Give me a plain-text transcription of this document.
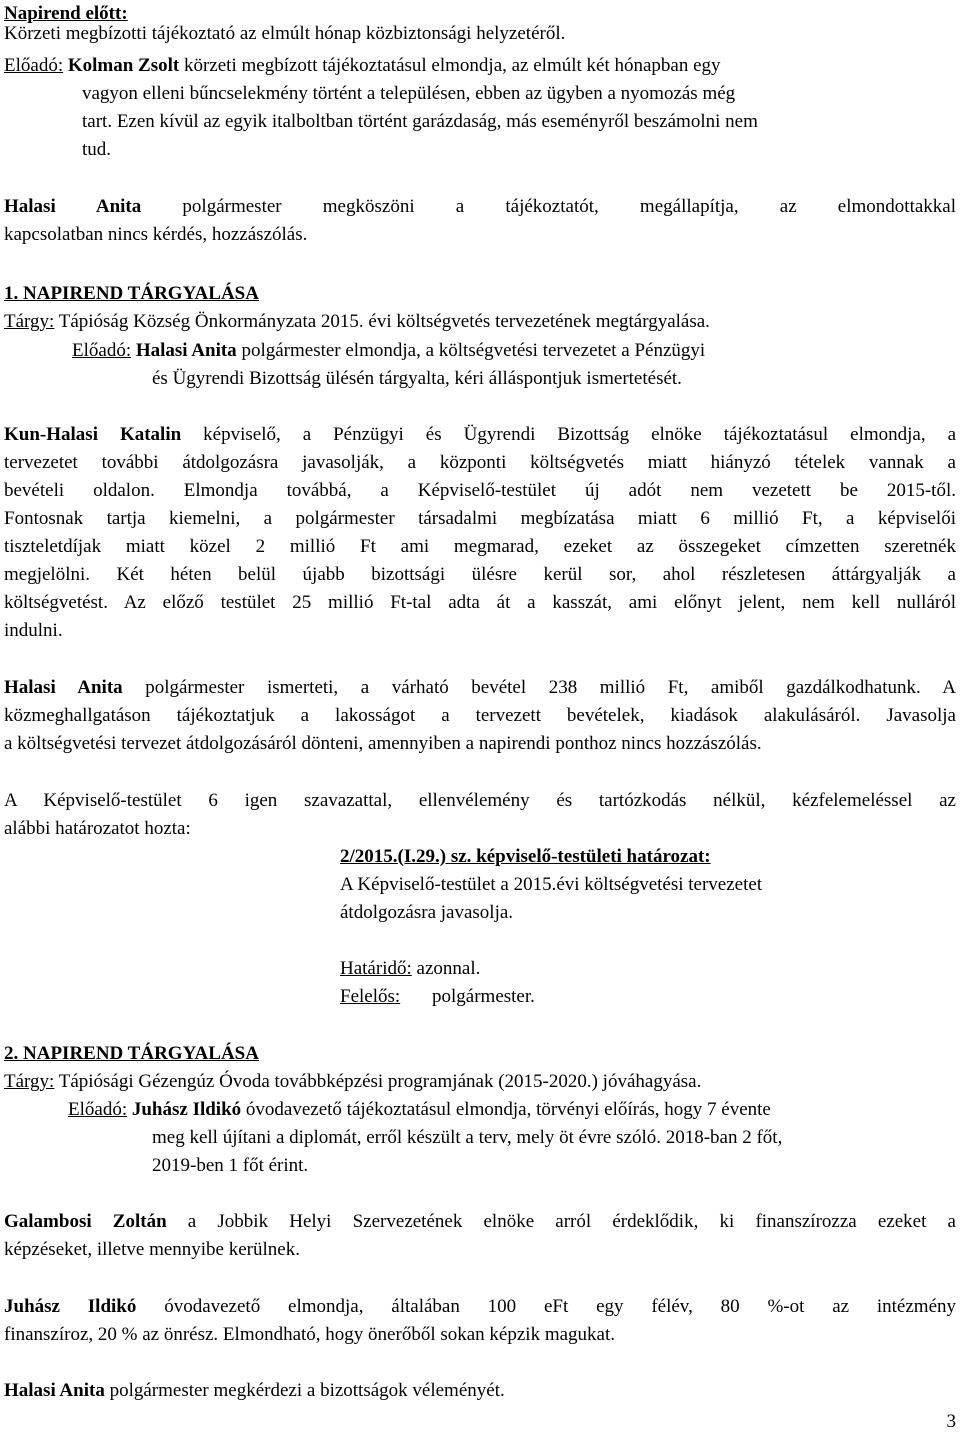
Napirend előtt:
Körzeti megbízotti tájékoztató az elmúlt hónap közbiztonsági helyzetéről.
Előadó: Kolman Zsolt körzeti megbízott tájékoztatásul elmondja, az elmúlt két hónapban egy
vagyon elleni bűncselekmény történt a településen, ebben az ügyben a nyomozás még
tart. Ezen kívül az egyik italboltban történt garázdaság, más eseményről beszámolni nem
tud.
Halasi Anita polgármester megköszöni a tájékoztatót, megállapítja, az elmondottakkal
kapcsolatban nincs kérdés, hozzászólás.
1. NAPIREND TÁRGYALÁSA
Tárgy: Tápióság Község Önkormányzata 2015. évi költségvetés tervezetének megtárgyalása.
Előadó: Halasi Anita polgármester elmondja, a költségvetési tervezetet a Pénzügyi
és Ügyrendi Bizottság ülésén tárgyalta, kéri álláspontjuk ismertetését.
Kun-Halasi Katalin képviselő, a Pénzügyi és Ügyrendi Bizottság elnöke tájékoztatásul elmondja, a
tervezetet további átdolgozásra javasolják, a központi költségvetés miatt hiányzó tételek vannak a
bevételi oldalon. Elmondja továbbá, a Képviselő-testület új adót nem vezetett be 2015-től.
Fontosnak tartja kiemelni, a polgármester társadalmi megbízatása miatt 6 millió Ft, a képviselői
tiszteletdíjak miatt közel 2 millió Ft ami megmarad, ezeket az összegeket címzetten szeretnék
megjelölni. Két héten belül újabb bizottsági ülésre kerül sor, ahol részletesen áttárgyalják a
költségvetést. Az előző testület 25 millió Ft-tal adta át a kasszát, ami előnyt jelent, nem kell nulláról
indulni.
Halasi Anita polgármester ismerteti, a várható bevétel 238 millió Ft, amiből gazdálkodhatunk. A
közmeghallgatáson tájékoztatjuk a lakosságot a tervezett bevételek, kiadások alakulásáról. Javasolja
a költségvetési tervezet átdolgozásáról dönteni, amennyiben a napirendi ponthoz nincs hozzászólás.
A Képviselő-testület 6 igen szavazattal, ellenvélemény és tartózkodás nélkül, kézfelemeléssel az
alábbi határozatot hozta:
2/2015.(I.29.) sz. képviselő-testületi határozat:
A Képviselő-testület a 2015.évi költségvetési tervezetet
átdolgozásra javasolja.
Határidő: azonnal.
Felelős: polgármester.
2. NAPIREND TÁRGYALÁSA
Tárgy: Tápiósági Gézengúz Óvoda továbbképzési programjának (2015-2020.) jóváhagyása.
Előadó: Juhász Ildikó óvodavezető tájékoztatásul elmondja, törvényi előírás, hogy 7 évente
meg kell újítani a diplomát, erről készült a terv, mely öt évre szóló. 2018-ban 2 főt,
2019-ben 1 főt érint.
Galambosi Zoltán a Jobbik Helyi Szervezetének elnöke arról érdeklődik, ki finanszírozza ezeket a
képzéseket, illetve mennyibe kerülnek.
Juhász Ildikó óvodavezető elmondja, általában 100 eFt egy félév, 80 %-ot az intézmény
finanszíroz, 20 % az önrész. Elmondható, hogy önerőből sokan képzik magukat.
Halasi Anita polgármester megkérdezi a bizottságok véleményét.
3
